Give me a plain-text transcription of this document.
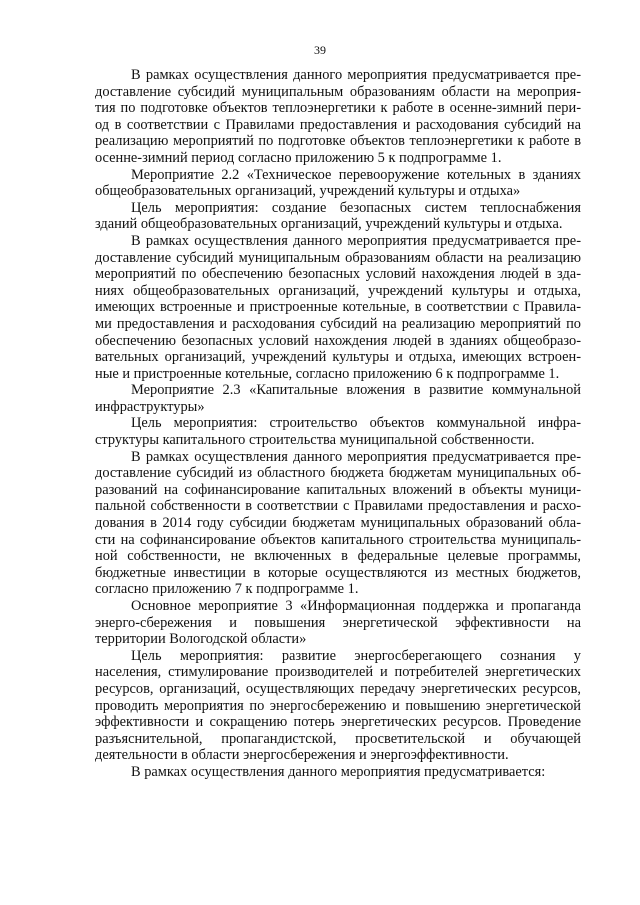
39
В рамках осуществления данного мероприятия предусматривается пре-
доставление субсидий муниципальным образованиям области на мероприя-
тия по подготовке объектов теплоэнергетики к работе в осенне-зимний пери-
од в соответствии с Правилами предоставления и расходования субсидий на
реализацию мероприятий по подготовке объектов теплоэнергетики к работе в
осенне-зимний период согласно приложению 5 к подпрограмме 1.
Мероприятие 2.2 «Техническое перевооружение котельных в зданиях
общеобразовательных организаций, учреждений культуры и отдыха»
Цель мероприятия: создание безопасных систем теплоснабжения
зданий общеобразовательных организаций, учреждений культуры и отдыха.
В рамках осуществления данного мероприятия предусматривается пре-
доставление субсидий муниципальным образованиям области на реализацию
мероприятий по обеспечению безопасных условий нахождения людей в зда-
ниях общеобразовательных организаций, учреждений культуры и отдыха,
имеющих встроенные и пристроенные котельные, в соответствии с Правила-
ми предоставления и расходования субсидий на реализацию мероприятий по
обеспечению безопасных условий нахождения людей в зданиях общеобразо-
вательных организаций, учреждений культуры и отдыха, имеющих встроен-
ные и пристроенные котельные, согласно приложению 6 к подпрограмме 1.
Мероприятие 2.3 «Капитальные вложения в развитие коммунальной
инфраструктуры»
Цель мероприятия: строительство объектов коммунальной инфра-
структуры капитального строительства муниципальной собственности.
В рамках осуществления данного мероприятия предусматривается пре-
доставление субсидий из областного бюджета бюджетам муниципальных об-
разований на софинансирование капитальных вложений в объекты муници-
пальной собственности в соответствии с Правилами предоставления и расхо-
дования в 2014 году субсидии бюджетам муниципальных образований обла-
сти на софинансирование объектов капитального строительства муниципаль-
ной собственности, не включенных в федеральные целевые программы,
бюджетные инвестиции в которые осуществляются из местных бюджетов,
согласно приложению 7 к подпрограмме 1.
Основное мероприятие 3 «Информационная поддержка и пропаганда
энерго-сбережения и повышения энергетической эффективности на
территории Вологодской области»
Цель мероприятия: развитие энергосберегающего сознания у
населения, стимулирование производителей и потребителей энергетических
ресурсов, организаций, осуществляющих передачу энергетических ресурсов,
проводить мероприятия по энергосбережению и повышению энергетической
эффективности и сокращению потерь энергетических ресурсов. Проведение
разъяснительной, пропагандистской, просветительской и обучающей
деятельности в области энергосбережения и энергоэффективности.
В рамках осуществления данного мероприятия предусматривается:
